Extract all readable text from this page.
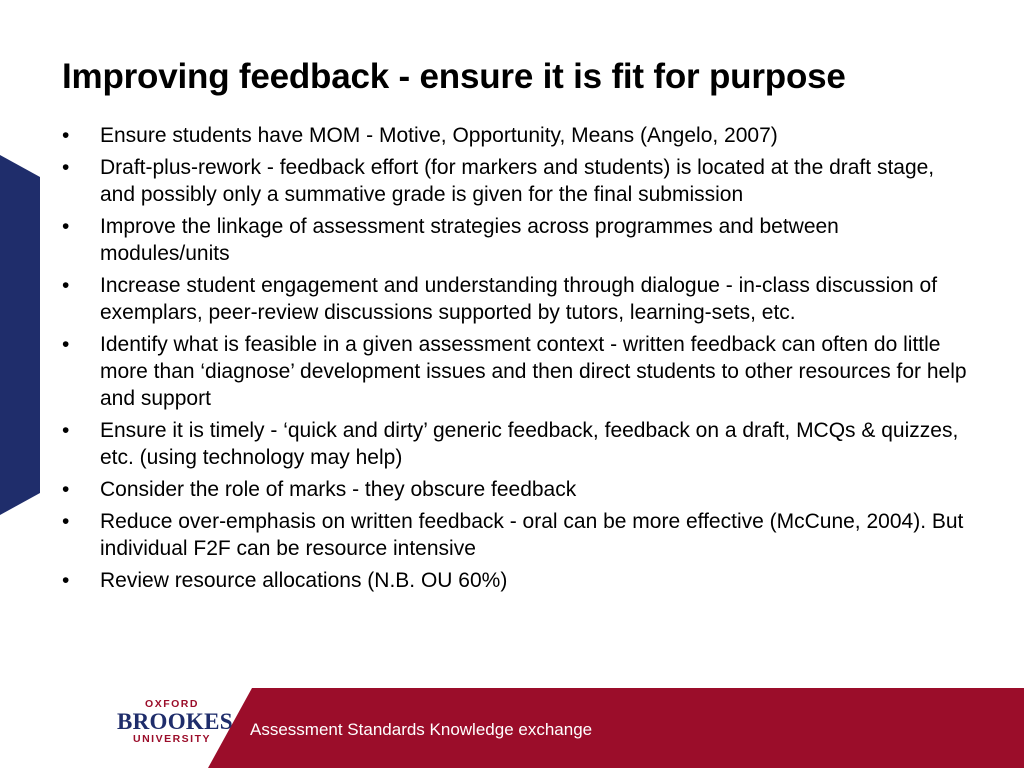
Improving feedback - ensure it is fit for purpose
•	Ensure students have MOM - Motive, Opportunity, Means (Angelo, 2007)
•	Draft-plus-rework - feedback effort (for markers and students) is located at the draft stage, and possibly only a summative grade is given for the final submission
•	Improve the linkage of assessment strategies across programmes and between modules/units
•	Increase student engagement and understanding through dialogue - in-class discussion of exemplars, peer-review discussions supported by tutors, learning-sets, etc.
•	Identify what is feasible in a given assessment context - written feedback can often do little more than ‘diagnose’ development issues and then direct students to other resources for help and support
•	Ensure it is timely - ‘quick and dirty’ generic feedback, feedback on a draft, MCQs & quizzes, etc. (using technology may help)
•	Consider the role of marks - they obscure feedback
•	Reduce over-emphasis on written feedback - oral can be more effective (McCune, 2004). But individual F2F can be resource intensive
•	Review resource allocations (N.B. OU 60%)
OXFORD
BROOKES
UNIVERSITY	Assessment Standards Knowledge exchange
